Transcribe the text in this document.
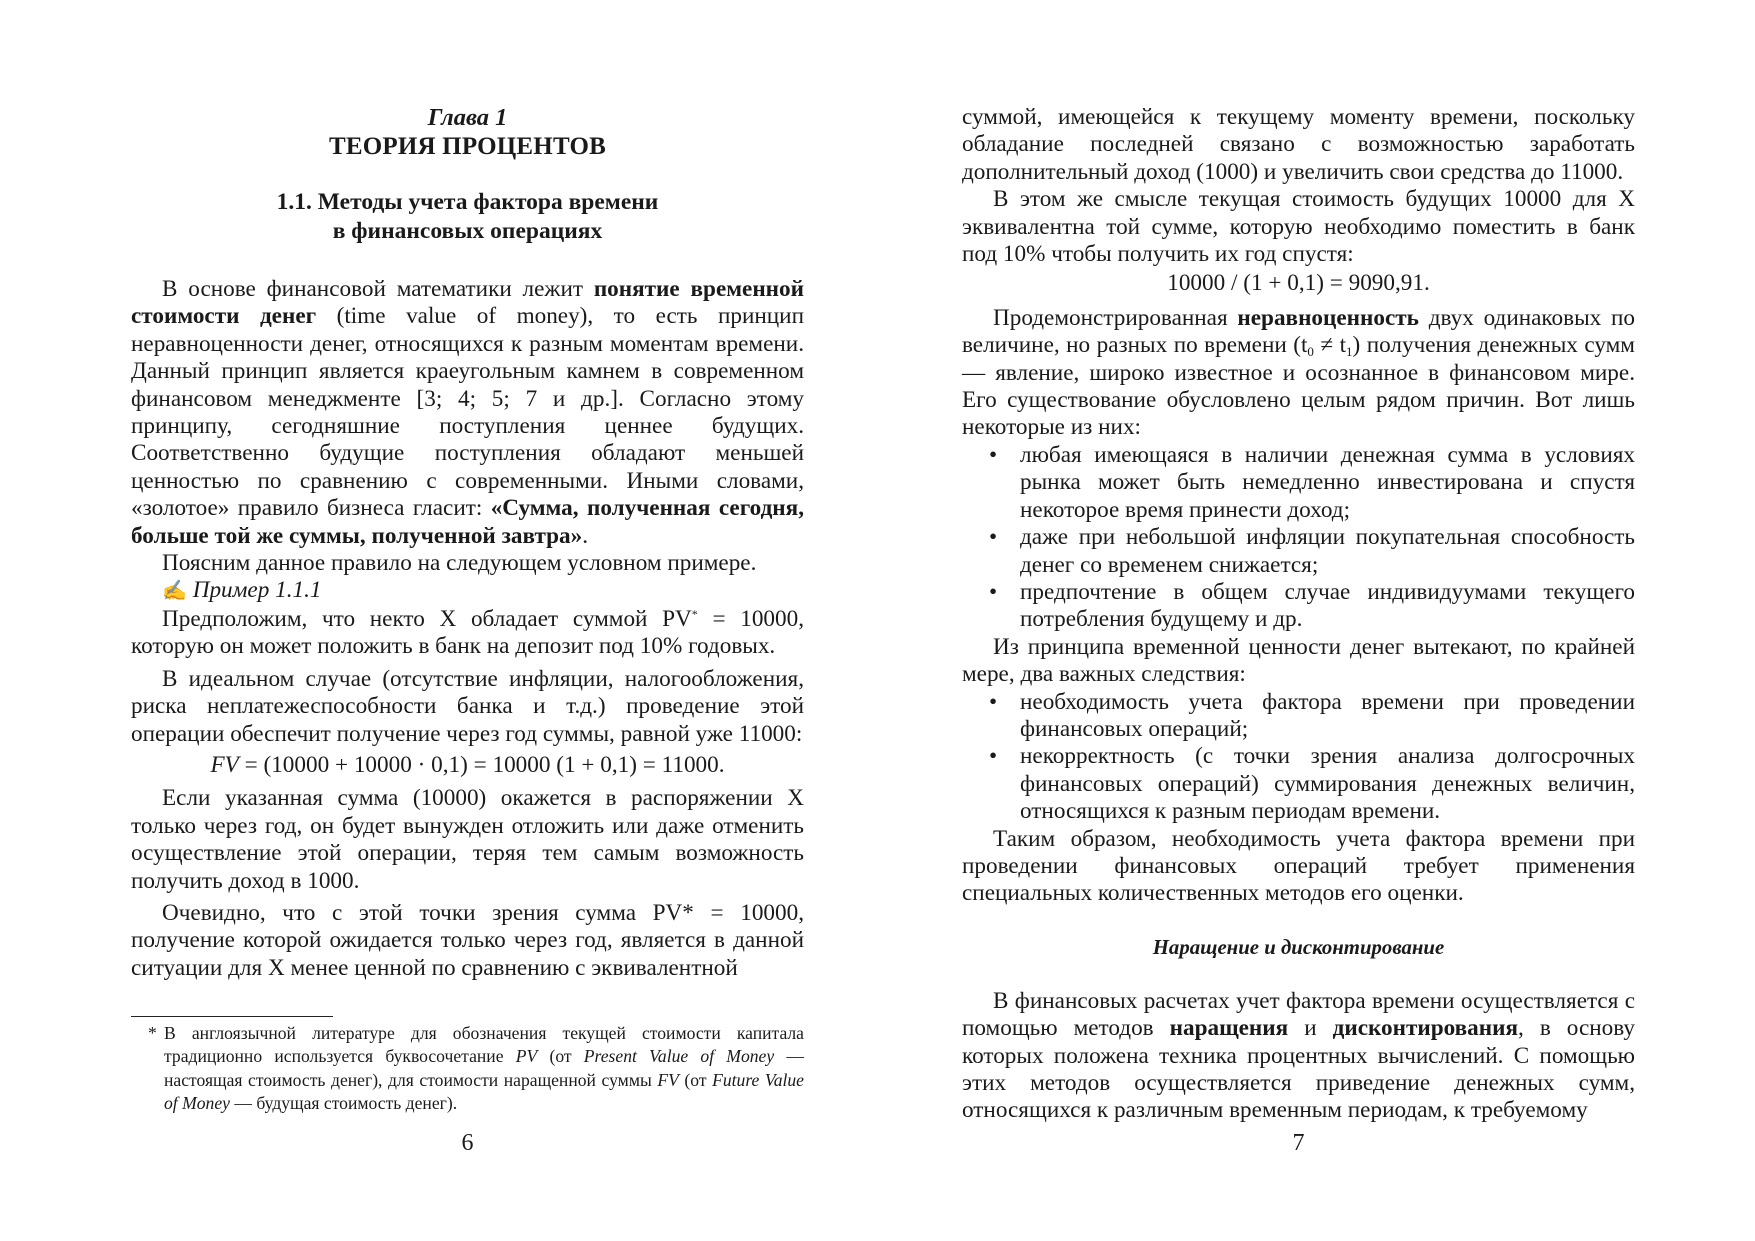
Глава 1
ТЕОРИЯ ПРОЦЕНТОВ
1.1. Методы учета фактора времени
в финансовых операциях

В основе финансовой математики лежит понятие временной стоимости денег (time value of money), то есть принцип неравноценности денег, относящихся к разным моментам времени. Данный принцип является краеугольным камнем в современном финансовом менеджменте [3; 4; 5; 7 и др.]. Согласно этому принципу, сегодняшние поступления ценнее будущих. Соответственно будущие поступления обладают меньшей ценностью по сравнению с современными. Иными словами, «золотое» правило бизнеса гласит: «Сумма, полученная сегодня, больше той же суммы, полученной завтра».

Поясним данное правило на следующем условном примере.

✍ Пример 1.1.1

Предположим, что некто X обладает суммой PV* = 10000, которую он может положить в банк на депозит под 10% годовых.

В идеальном случае (отсутствие инфляции, налогообложения, риска неплатежеспособности банка и т.д.) проведение этой операции обеспечит получение через год суммы, равной уже 11000:

FV = (10000 + 10000 · 0,1) = 10000 (1 + 0,1) = 11000.

Если указанная сумма (10000) окажется в распоряжении X только через год, он будет вынужден отложить или даже отменить осуществление этой операции, теряя тем самым возможность получить доход в 1000.

Очевидно, что с этой точки зрения сумма PV* = 10000, получение которой ожидается только через год, является в данной ситуации для X менее ценной по сравнению с эквивалентной

* В англоязычной литературе для обозначения текущей стоимости капитала традиционно используется буквосочетание PV (от Present Value of Money — настоящая стоимость денег), для стоимости наращенной суммы FV (от Future Value of Money — будущая стоимость денег).

6

суммой, имеющейся к текущему моменту времени, поскольку обладание последней связано с возможностью заработать дополнительный доход (1000) и увеличить свои средства до 11000.

В этом же смысле текущая стоимость будущих 10000 для X эквивалентна той сумме, которую необходимо поместить в банк под 10% чтобы получить их год спустя:

10000 / (1 + 0,1) = 9090,91.

Продемонстрированная неравноценность двух одинаковых по величине, но разных по времени $(t_0 \ne t_1)$ получения денежных сумм — явление, широко известное и осознанное в финансовом мире. Его существование обусловлено целым рядом причин. Вот лишь некоторые из них:

• любая имеющаяся в наличии денежная сумма в условиях рынка может быть немедленно инвестирована и спустя некоторое время принести доход;
• даже при небольшой инфляции покупательная способность денег со временем снижается;
• предпочтение в общем случае индивидуумами текущего потребления будущему и др.

Из принципа временной ценности денег вытекают, по крайней мере, два важных следствия:

• необходимость учета фактора времени при проведении финансовых операций;
• некорректность (с точки зрения анализа долгосрочных финансовых операций) суммирования денежных величин, относящихся к разным периодам времени.

Таким образом, необходимость учета фактора времени при проведении финансовых операций требует применения специальных количественных методов его оценки.

Наращение и дисконтирование

В финансовых расчетах учет фактора времени осуществляется с помощью методов наращения и дисконтирования, в основу которых положена техника процентных вычислений. С помощью этих методов осуществляется приведение денежных сумм, относящихся к различным временным периодам, к требуемому

7
